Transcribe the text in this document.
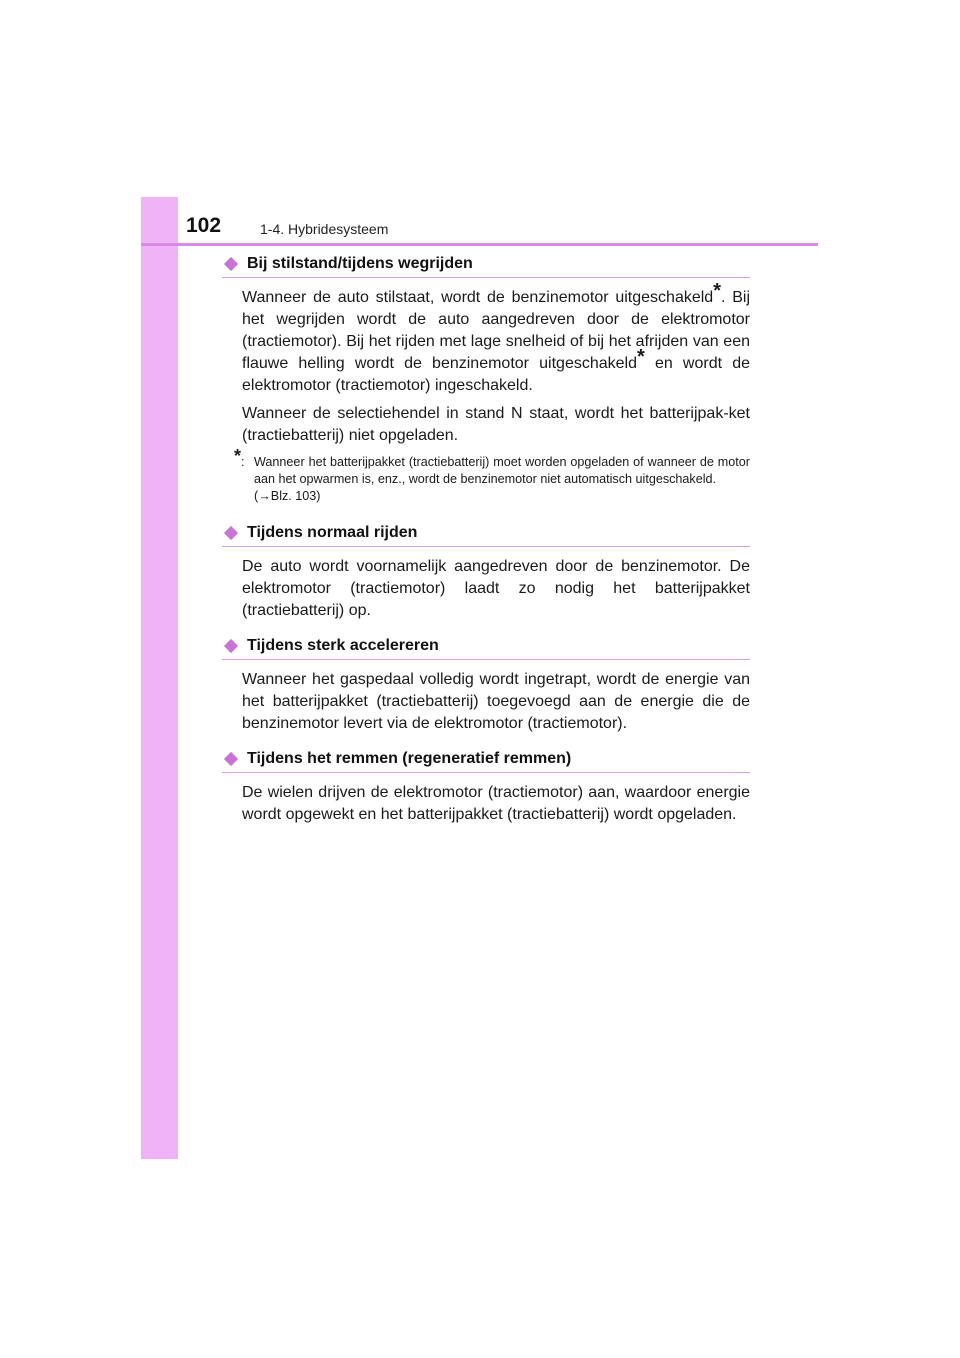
102	1-4. Hybridesysteem
Bij stilstand/tijdens wegrijden

Wanneer de auto stilstaat, wordt de benzinemotor uitgeschakeld*. Bij het wegrijden wordt de auto aangedreven door de elektromotor (tractiemotor). Bij het rijden met lage snelheid of bij het afrijden van een flauwe helling wordt de benzinemotor uitgeschakeld* en wordt de elektromotor (tractiemotor) ingeschakeld.

Wanneer de selectiehendel in stand N staat, wordt het batterijpak-ket (tractiebatterij) niet opgeladen.

*: Wanneer het batterijpakket (tractiebatterij) moet worden opgeladen of wanneer de motor aan het opwarmen is, enz., wordt de benzinemotor niet automatisch uitgeschakeld.
(→Blz. 103)
Tijdens normaal rijden

De auto wordt voornamelijk aangedreven door de benzinemotor. De elektromotor (tractiemotor) laadt zo nodig het batterijpakket (tractiebatterij) op.

Tijdens sterk accelereren

Wanneer het gaspedaal volledig wordt ingetrapt, wordt de energie van het batterijpakket (tractiebatterij) toegevoegd aan de energie die de benzinemotor levert via de elektromotor (tractiemotor).

Tijdens het remmen (regeneratief remmen)

De wielen drijven de elektromotor (tractiemotor) aan, waardoor energie wordt opgewekt en het batterijpakket (tractiebatterij) wordt opgeladen.
